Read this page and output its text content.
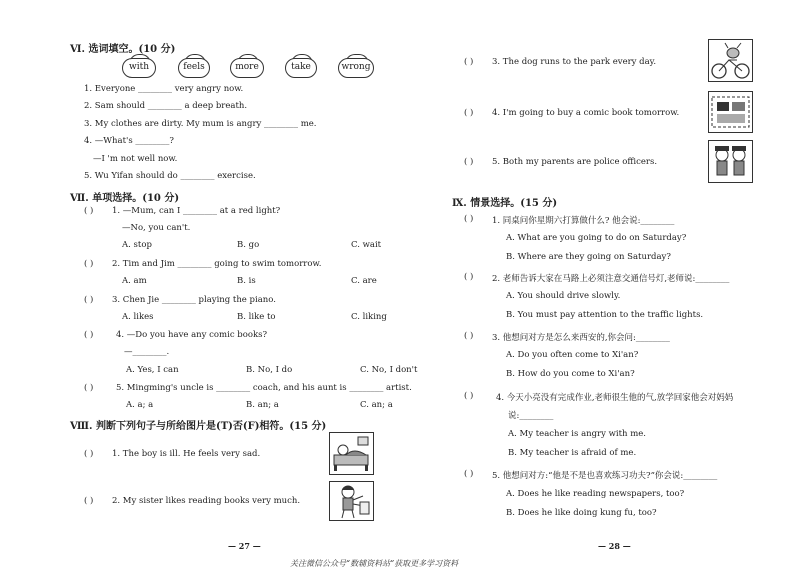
Ⅵ. 选词填空。(10 分)
with	feels	more	take	wrong
1. Everyone ________ very angry now.
2. Sam should ________ a deep breath.
3. My clothes are dirty. My mum is angry ________ me.
4. —What's ________?
—I 'm not well now.
5. Wu Yifan should do ________ exercise.
Ⅶ. 单项选择。(10 分)
( ) 1. —Mum, can I ________ at a red light?
—No, you can't.
A. stop	B. go	C. wait
( ) 2. Tim and Jim ________ going to swim tomorrow.
A. am	B. is	C. are
( ) 3. Chen Jie ________ playing the piano.
A. likes	B. like to	C. liking
( )	4. —Do you have any comic books?
—________.
A. Yes, I can	B. No, I do	C. No, I don't
( )	5. Mingming's uncle is ________ coach, and his aunt is ________ artist.
A. a; a	B. an; a	C. an; a
Ⅷ. 判断下列句子与所给图片是(T)否(F)相符。(15 分)
( ) 1. The boy is ill. He feels very sad.
( ) 2. My sister likes reading books very much.
— 27 —
( ) 3. The dog runs to the park every day.
( ) 4. I'm going to buy a comic book tomorrow.
( ) 5. Both my parents are police officers.
Ⅸ. 情景选择。(15 分)
( ) 1. 同桌问你星期六打算做什么? 他会说:________
A. What are you going to do on Saturday?
B. Where are they going on Saturday?
( ) 2. 老师告诉大家在马路上必须注意交通信号灯,老师说:________
A. You should drive slowly.
B. You must pay attention to the traffic lights.
( ) 3. 他想问对方是怎么来西安的,你会问:________
A. Do you often come to Xi'an?
B. How do you come to Xi'an?
( )	4. 今天小亮没有完成作业,老师很生他的气,放学回家他会对妈妈
说:________
A. My teacher is angry with me.
B. My teacher is afraid of me.
( ) 5. 他想问对方:“他是不是也喜欢练习功夫?”你会说:________
A. Does he like reading newspapers, too?
B. Does he like doing kung fu, too?
— 28 —
关注微信公众号“数辅资料站”获取更多学习资料
